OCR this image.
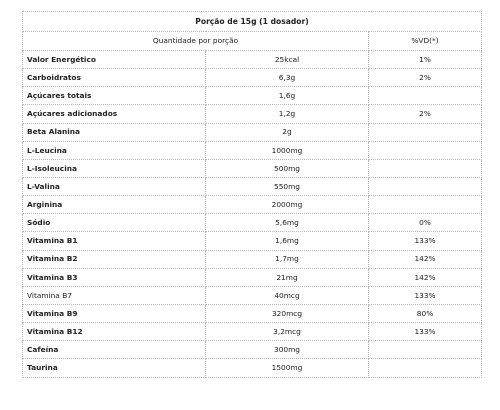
Porção de 15g (1 dosador)		
Quantidade por porção		%VD(*)
Valor Energético	25kcal	1%
Carboidratos	6,3g	2%
Açúcares totais	1,6g	
Açúcares adicionados	1,2g	2%
Beta Alanina	2g	
L-Leucina	1000mg	
L-Isoleucina	500mg	
L-Valina	550mg	
Arginina	2000mg	
Sódio	5,6mg	0%
Vitamina B1	1,6mg	133%
Vitamina B2	1,7mg	142%
Vitamina B3	21mg	142%
Vitamina B7	40mcg	133%
Vitamina B9	320mcg	80%
Vitamina B12	3,2mcg	133%
Cafeína	300mg	
Taurina	1500mg	
